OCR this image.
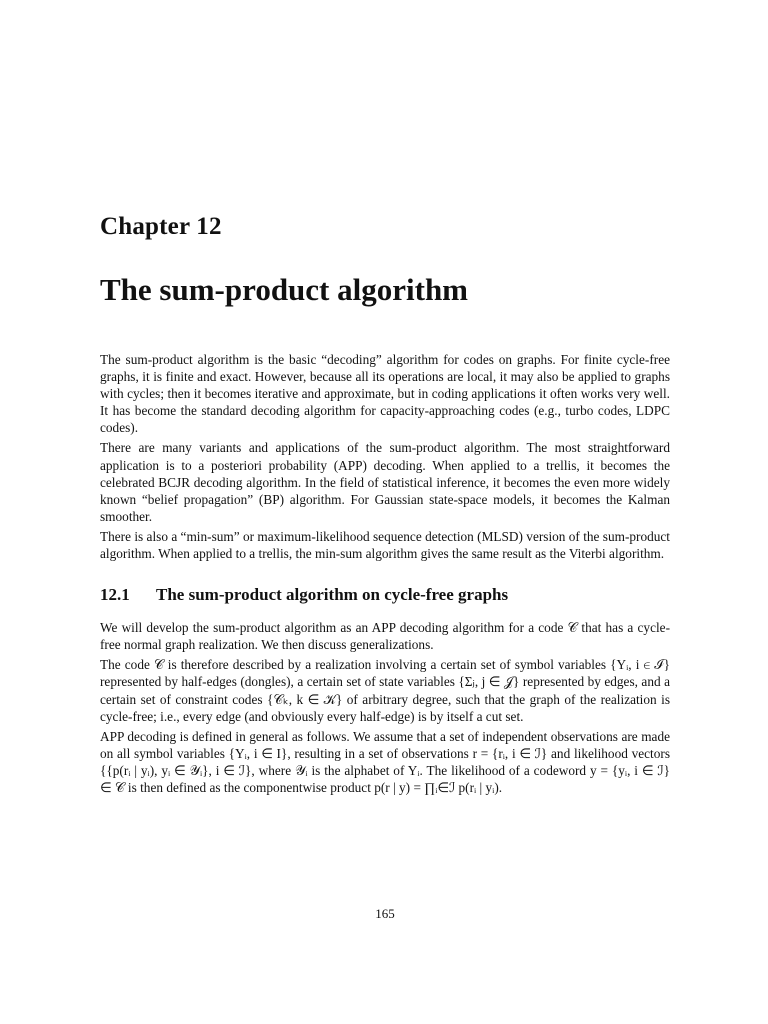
Chapter 12
The sum-product algorithm

The sum-product algorithm is the basic “decoding” algorithm for codes on graphs. For finite cycle-free graphs, it is finite and exact. However, because all its operations are local, it may also be applied to graphs with cycles; then it becomes iterative and approximate, but in coding applications it often works very well. It has become the standard decoding algorithm for capacity-approaching codes (e.g., turbo codes, LDPC codes).

There are many variants and applications of the sum-product algorithm. The most straightforward application is to a posteriori probability (APP) decoding. When applied to a trellis, it becomes the celebrated BCJR decoding algorithm. In the field of statistical inference, it becomes the even more widely known “belief propagation” (BP) algorithm. For Gaussian state-space models, it becomes the Kalman smoother.

There is also a “min-sum” or maximum-likelihood sequence detection (MLSD) version of the sum-product algorithm. When applied to a trellis, the min-sum algorithm gives the same result as the Viterbi algorithm.

12.1 The sum-product algorithm on cycle-free graphs

We will develop the sum-product algorithm as an APP decoding algorithm for a code 𝒞 that has a cycle-free normal graph realization. We then discuss generalizations.

The code 𝒞 is therefore described by a realization involving a certain set of symbol variables {Yᵢ, i ∈ ℐ} represented by half-edges (dongles), a certain set of state variables {Σⱼ, j ∈ 𝒥} represented by edges, and a certain set of constraint codes {𝒞ₖ, k ∈ 𝒦} of arbitrary degree, such that the graph of the realization is cycle-free; i.e., every edge (and obviously every half-edge) is by itself a cut set.

APP decoding is defined in general as follows. We assume that a set of independent observations are made on all symbol variables {Yᵢ, i ∈ I}, resulting in a set of observations r = {rᵢ, i ∈ ℐ} and likelihood vectors {{p(rᵢ | yᵢ), yᵢ ∈ 𝒴ᵢ}, i ∈ ℐ}, where 𝒴ᵢ is the alphabet of Yᵢ. The likelihood of a codeword y = {yᵢ, i ∈ ℐ} ∈ 𝒞 is then defined as the componentwise product p(r | y) = ∏ᵢ∈ℐ p(rᵢ | yᵢ).

165
